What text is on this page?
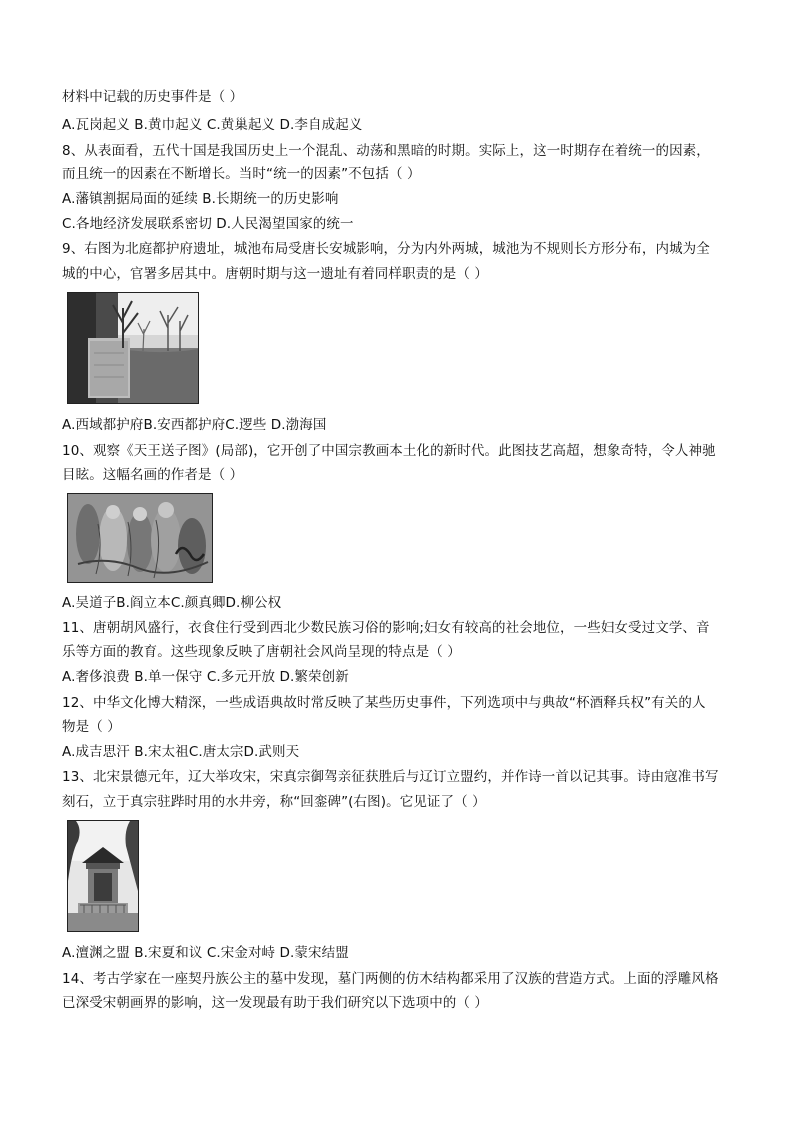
材料中记载的历史事件是（ ）
A.瓦岗起义 B.黄巾起义 C.黄巢起义 D.李自成起义
8、从表面看，五代十国是我国历史上一个混乱、动荡和黑暗的时期。实际上，这一时期存在着统一的因素，
而且统一的因素在不断增长。当时“统一的因素”不包括（ ）
A.藩镇割据局面的延续 B.长期统一的历史影响
C.各地经济发展联系密切 D.人民渴望国家的统一
9、右图为北庭都护府遗址，城池布局受唐长安城影响，分为内外两城，城池为不规则长方形分布，内城为全
城的中心，官署多居其中。唐朝时期与这一遗址有着同样职责的是（ ）
A.西域都护府B.安西都护府C.逻些 D.渤海国
10、观察《天王送子图》(局部)，它开创了中国宗教画本土化的新时代。此图技艺高超，想象奇特，令人神驰
目眩。这幅名画的作者是（ ）
A.吴道子B.阎立本C.颜真卿D.柳公权
11、唐朝胡风盛行，衣食住行受到西北少数民族习俗的影响;妇女有较高的社会地位，一些妇女受过文学、音
乐等方面的教育。这些现象反映了唐朝社会风尚呈现的特点是（ ）
A.奢侈浪费 B.单一保守 C.多元开放 D.繁荣创新
12、中华文化博大精深，一些成语典故时常反映了某些历史事件，下列选项中与典故“杯酒释兵权”有关的人
物是（ ）
A.成吉思汗 B.宋太祖C.唐太宗D.武则天
13、北宋景德元年，辽大举攻宋，宋真宗御驾亲征获胜后与辽订立盟约，并作诗一首以记其事。诗由寇准书写
刻石，立于真宗驻跸时用的水井旁，称“回銮碑”(右图)。它见证了（ ）
A.澶渊之盟 B.宋夏和议 C.宋金对峙 D.蒙宋结盟
14、考古学家在一座契丹族公主的墓中发现，墓门两侧的仿木结构都采用了汉族的营造方式。上面的浮雕风格
已深受宋朝画界的影响，这一发现最有助于我们研究以下选项中的（ ）
